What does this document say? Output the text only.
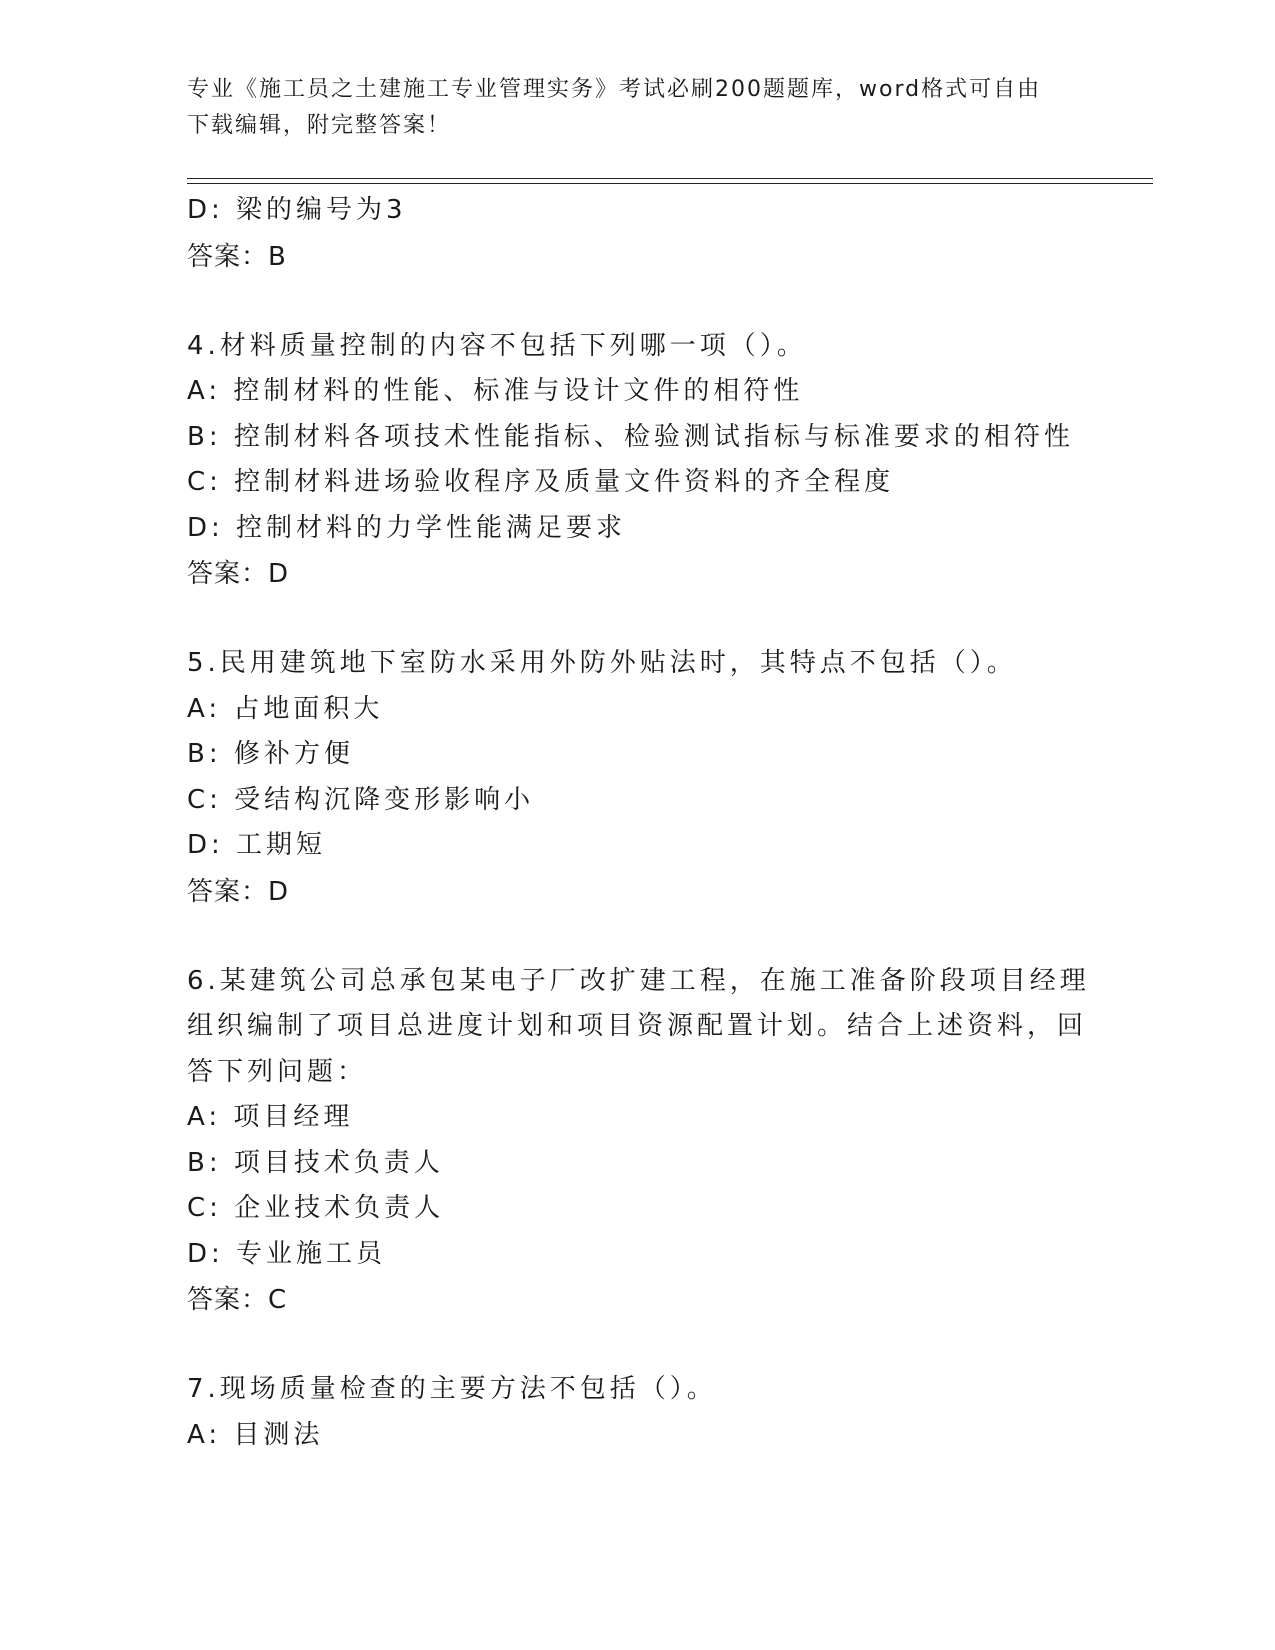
专业《施工员之土建施工专业管理实务》考试必刷200题题库，word格式可自由
下载编辑，附完整答案！
D: 梁的编号为3
答案：B
4.材料质量控制的内容不包括下列哪一项（）。
A: 控制材料的性能、标准与设计文件的相符性
B: 控制材料各项技术性能指标、检验测试指标与标准要求的相符性
C: 控制材料进场验收程序及质量文件资料的齐全程度
D: 控制材料的力学性能满足要求
答案：D
5.民用建筑地下室防水采用外防外贴法时，其特点不包括（）。
A: 占地面积大
B: 修补方便
C: 受结构沉降变形影响小
D: 工期短
答案：D
6.某建筑公司总承包某电子厂改扩建工程，在施工准备阶段项目经理
组织编制了项目总进度计划和项目资源配置计划。结合上述资料，回
答下列问题：
A: 项目经理
B: 项目技术负责人
C: 企业技术负责人
D: 专业施工员
答案：C
7.现场质量检查的主要方法不包括（）。
A: 目测法
